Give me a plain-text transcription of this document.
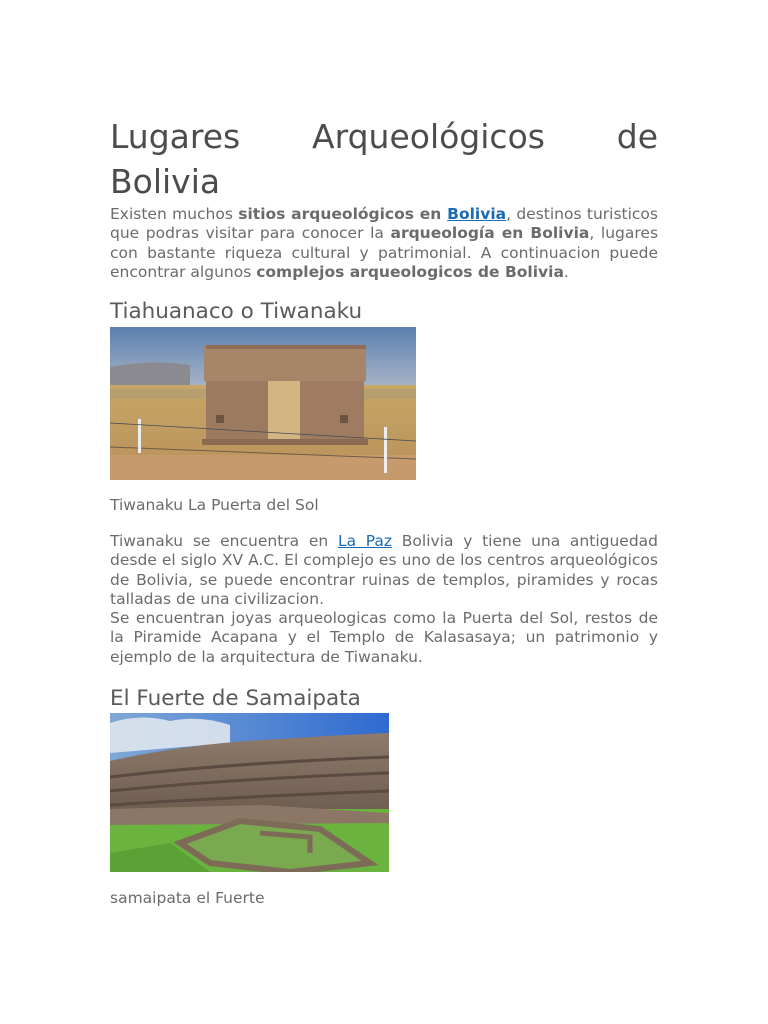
Lugares Arqueológicos de
Bolivia

Existen muchos sitios arqueológicos en Bolivia, destinos turisticos que podras visitar para conocer la arqueología en Bolivia, lugares con bastante riqueza cultural y patrimonial. A continuacion puede encontrar algunos complejos arqueologicos de Bolivia.

Tiahuanaco o Tiwanaku
Tiwanaku La Puerta del Sol

Tiwanaku se encuentra en La Paz Bolivia y tiene una antiguedad desde el siglo XV A.C. El complejo es uno de los centros arqueológicos de Bolivia, se puede encontrar ruinas de templos, piramides y rocas talladas de una civilizacion.

Se encuentran joyas arqueologicas como la Puerta del Sol, restos de la Piramide Acapana y el Templo de Kalasasaya; un patrimonio y ejemplo de la arquitectura de Tiwanaku.

El Fuerte de Samaipata
samaipata el Fuerte
